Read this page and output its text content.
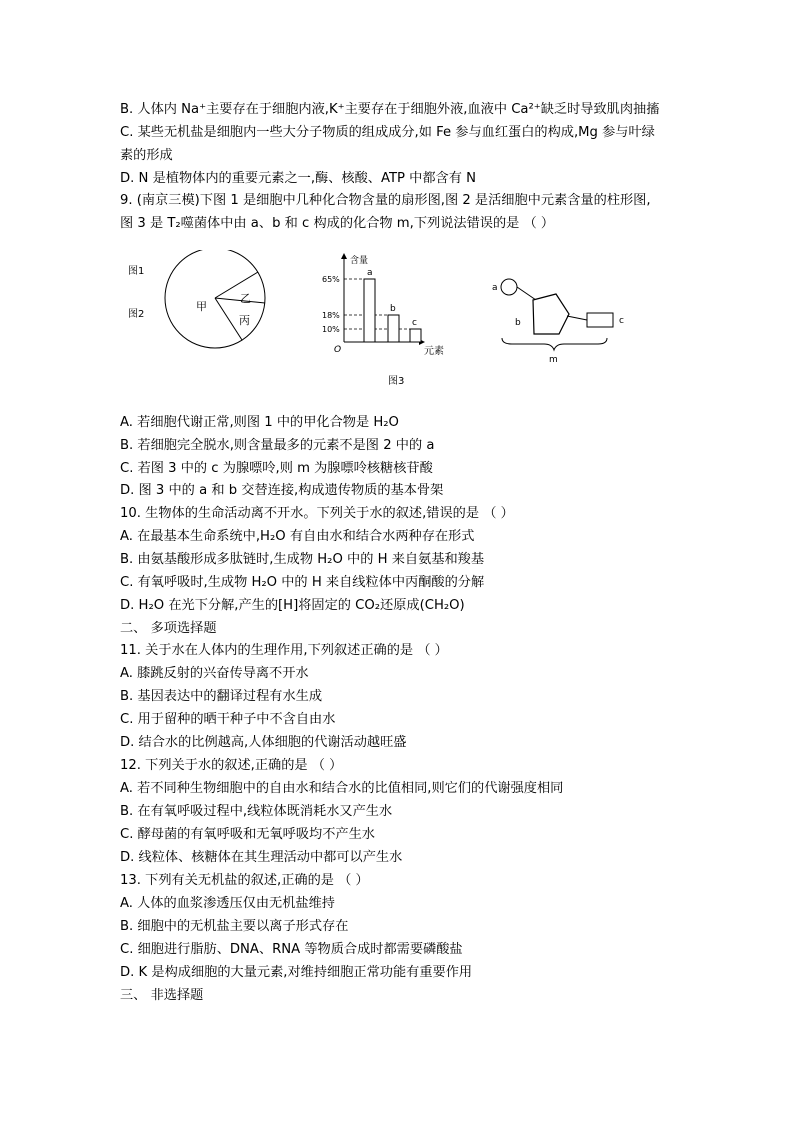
B. 人体内 Na⁺主要存在于细胞内液,K⁺主要存在于细胞外液,血液中 Ca²⁺缺乏时导致肌肉抽搐
C. 某些无机盐是细胞内一些大分子物质的组成成分,如 Fe 参与血红蛋白的构成,Mg 参与叶绿
素的形成
D. N 是植物体内的重要元素之一,酶、核酸、ATP 中都含有 N
9. (南京三模)下图 1 是细胞中几种化合物含量的扇形图,图 2 是活细胞中元素含量的柱形图,
图 3 是 T₂噬菌体中由 a、b 和 c 构成的化合物 m,下列说法错误的是 （ ）
图1
图2
甲
乙
丙
含量
元素
O
65%
18%
10%
a
b
c
a
b	c
m
图3
A. 若细胞代谢正常,则图 1 中的甲化合物是 H₂O
B. 若细胞完全脱水,则含量最多的元素不是图 2 中的 a
C. 若图 3 中的 c 为腺嘌呤,则 m 为腺嘌呤核糖核苷酸
D. 图 3 中的 a 和 b 交替连接,构成遗传物质的基本骨架
10. 生物体的生命活动离不开水。下列关于水的叙述,错误的是 （ ）
A. 在最基本生命系统中,H₂O 有自由水和结合水两种存在形式
B. 由氨基酸形成多肽链时,生成物 H₂O 中的 H 来自氨基和羧基
C. 有氧呼吸时,生成物 H₂O 中的 H 来自线粒体中丙酮酸的分解
D. H₂O 在光下分解,产生的[H]将固定的 CO₂还原成(CH₂O)
二、 多项选择题
11. 关于水在人体内的生理作用,下列叙述正确的是 （ ）
A. 膝跳反射的兴奋传导离不开水
B. 基因表达中的翻译过程有水生成
C. 用于留种的晒干种子中不含自由水
D. 结合水的比例越高,人体细胞的代谢活动越旺盛
12. 下列关于水的叙述,正确的是 （ ）
A. 若不同种生物细胞中的自由水和结合水的比值相同,则它们的代谢强度相同
B. 在有氧呼吸过程中,线粒体既消耗水又产生水
C. 酵母菌的有氧呼吸和无氧呼吸均不产生水
D. 线粒体、核糖体在其生理活动中都可以产生水
13. 下列有关无机盐的叙述,正确的是 （ ）
A. 人体的血浆渗透压仅由无机盐维持
B. 细胞中的无机盐主要以离子形式存在
C. 细胞进行脂肪、DNA、RNA 等物质合成时都需要磷酸盐
D. K 是构成细胞的大量元素,对维持细胞正常功能有重要作用
三、 非选择题
